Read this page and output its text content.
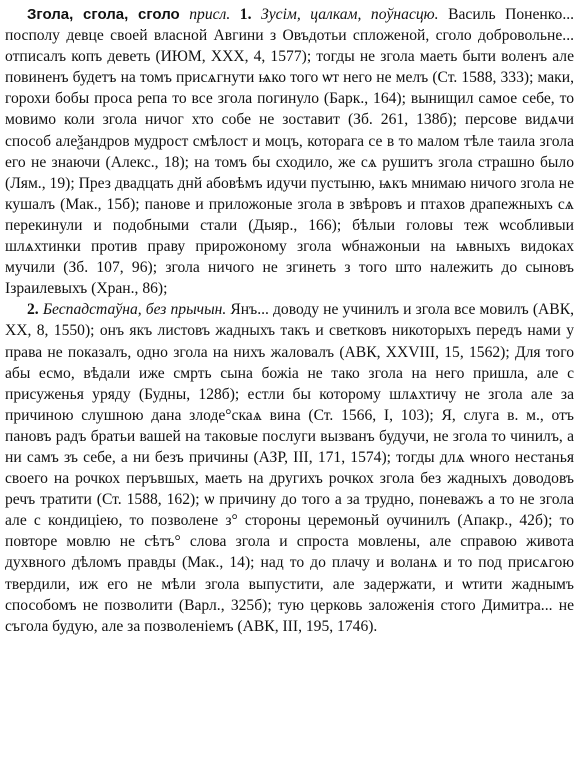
Згола, сгола, сголо присл. 1. Зусім, цалкам, поўнасцю. Василь Поненко... посполу девце своей власной Авгини з Овъдотьи спложеной, сголо добровольне... отписалъ копъ деветь (ИЮМ, XXX, 4, 1577); тогды не згола маеть быти воленъ але повиненъ будетъ на томъ присѧгнути ѩко того ѡт него не мелъ (Ст. 1588, 333); маки, горохи бобы проса репа то все згола погинуло (Барк., 164); вынищил самое себе, то мовимо коли згола ничог хто собе не зоставит (Зб. 261, 138б); персове видѧчи способ алеѯандров мудрост смѣлост и моцъ, которага се в то малом тѣле таила згола его не знаючи (Алекс., 18); на томъ бы сходило, же сѧ рушитъ згола страшно было (Лям., 19); През двадцать днй абовѣмъ идучи пустыню, ѩкъ мнимаю ничого згола не кушалъ (Мак., 15б); панове и приложоные згола в звѣровъ и птахов драпежныхъ сѧ перекинули и подобными стали (Дыяр., 166); бѣлыи головы теж ѡсобливыи шлѧхтинки против праву прирожоному згола ѡбнажоныи на ѩвныхъ видоках мучили (Зб. 107, 96); згола ничого не згинеть з того што належить до сыновъ Ізраилевыхъ (Хран., 86);

2. Беспадстаўна, без прычын. Янъ... доводу не учинилъ и згола все мовилъ (АВК, XX, 8, 1550); онъ якъ листовъ жадныхъ такъ и светковъ никоторыхъ передъ нами у права не показалъ, одно згола на нихъ жаловалъ (АВК, XXVIII, 15, 1562); Для того абы есмо, вѣдали иже смрть сына божіа не тако згола на него пришла, але с присуженья уряду (Будны, 128б); естли бы которому шлѧхтичу не згола але за причиною слушною дана злоде°скаѧ вина (Ст. 1566, I, 103); Я, слуга в. м., отъ пановъ радъ братьи вашей на таковые послуги вызванъ будучи, не згола то чинилъ, а ни самъ зъ себе, а ни безъ причины (АЗР, III, 171, 1574); тогды длѧ ѡного нестанья своего на рочкох перъвшых, маеть на другихъ рочкох згола без жадныхъ доводовъ речъ тратити (Ст. 1588, 162); ѡ причину до того а за трудно, поневажъ а то не згола але с кондиціею, то позволене з° стороны церемоньй оучинилъ (Апакр., 42б); то повторе мовлю не сѣтъ° слова згола и спроста мовлены, але справою живота духвного дѣломъ правды (Мак., 14); над то до плачу и воланѧ и то под присѧгою твердили, иж его не мѣли згола выпустити, але задержати, и ѡтити жаднымъ способомъ не позволити (Варл., 325б); тую церковь заложенія стого Димитра... не съгола будую, але за позволеніемъ (АВК, III, 195, 1746).
